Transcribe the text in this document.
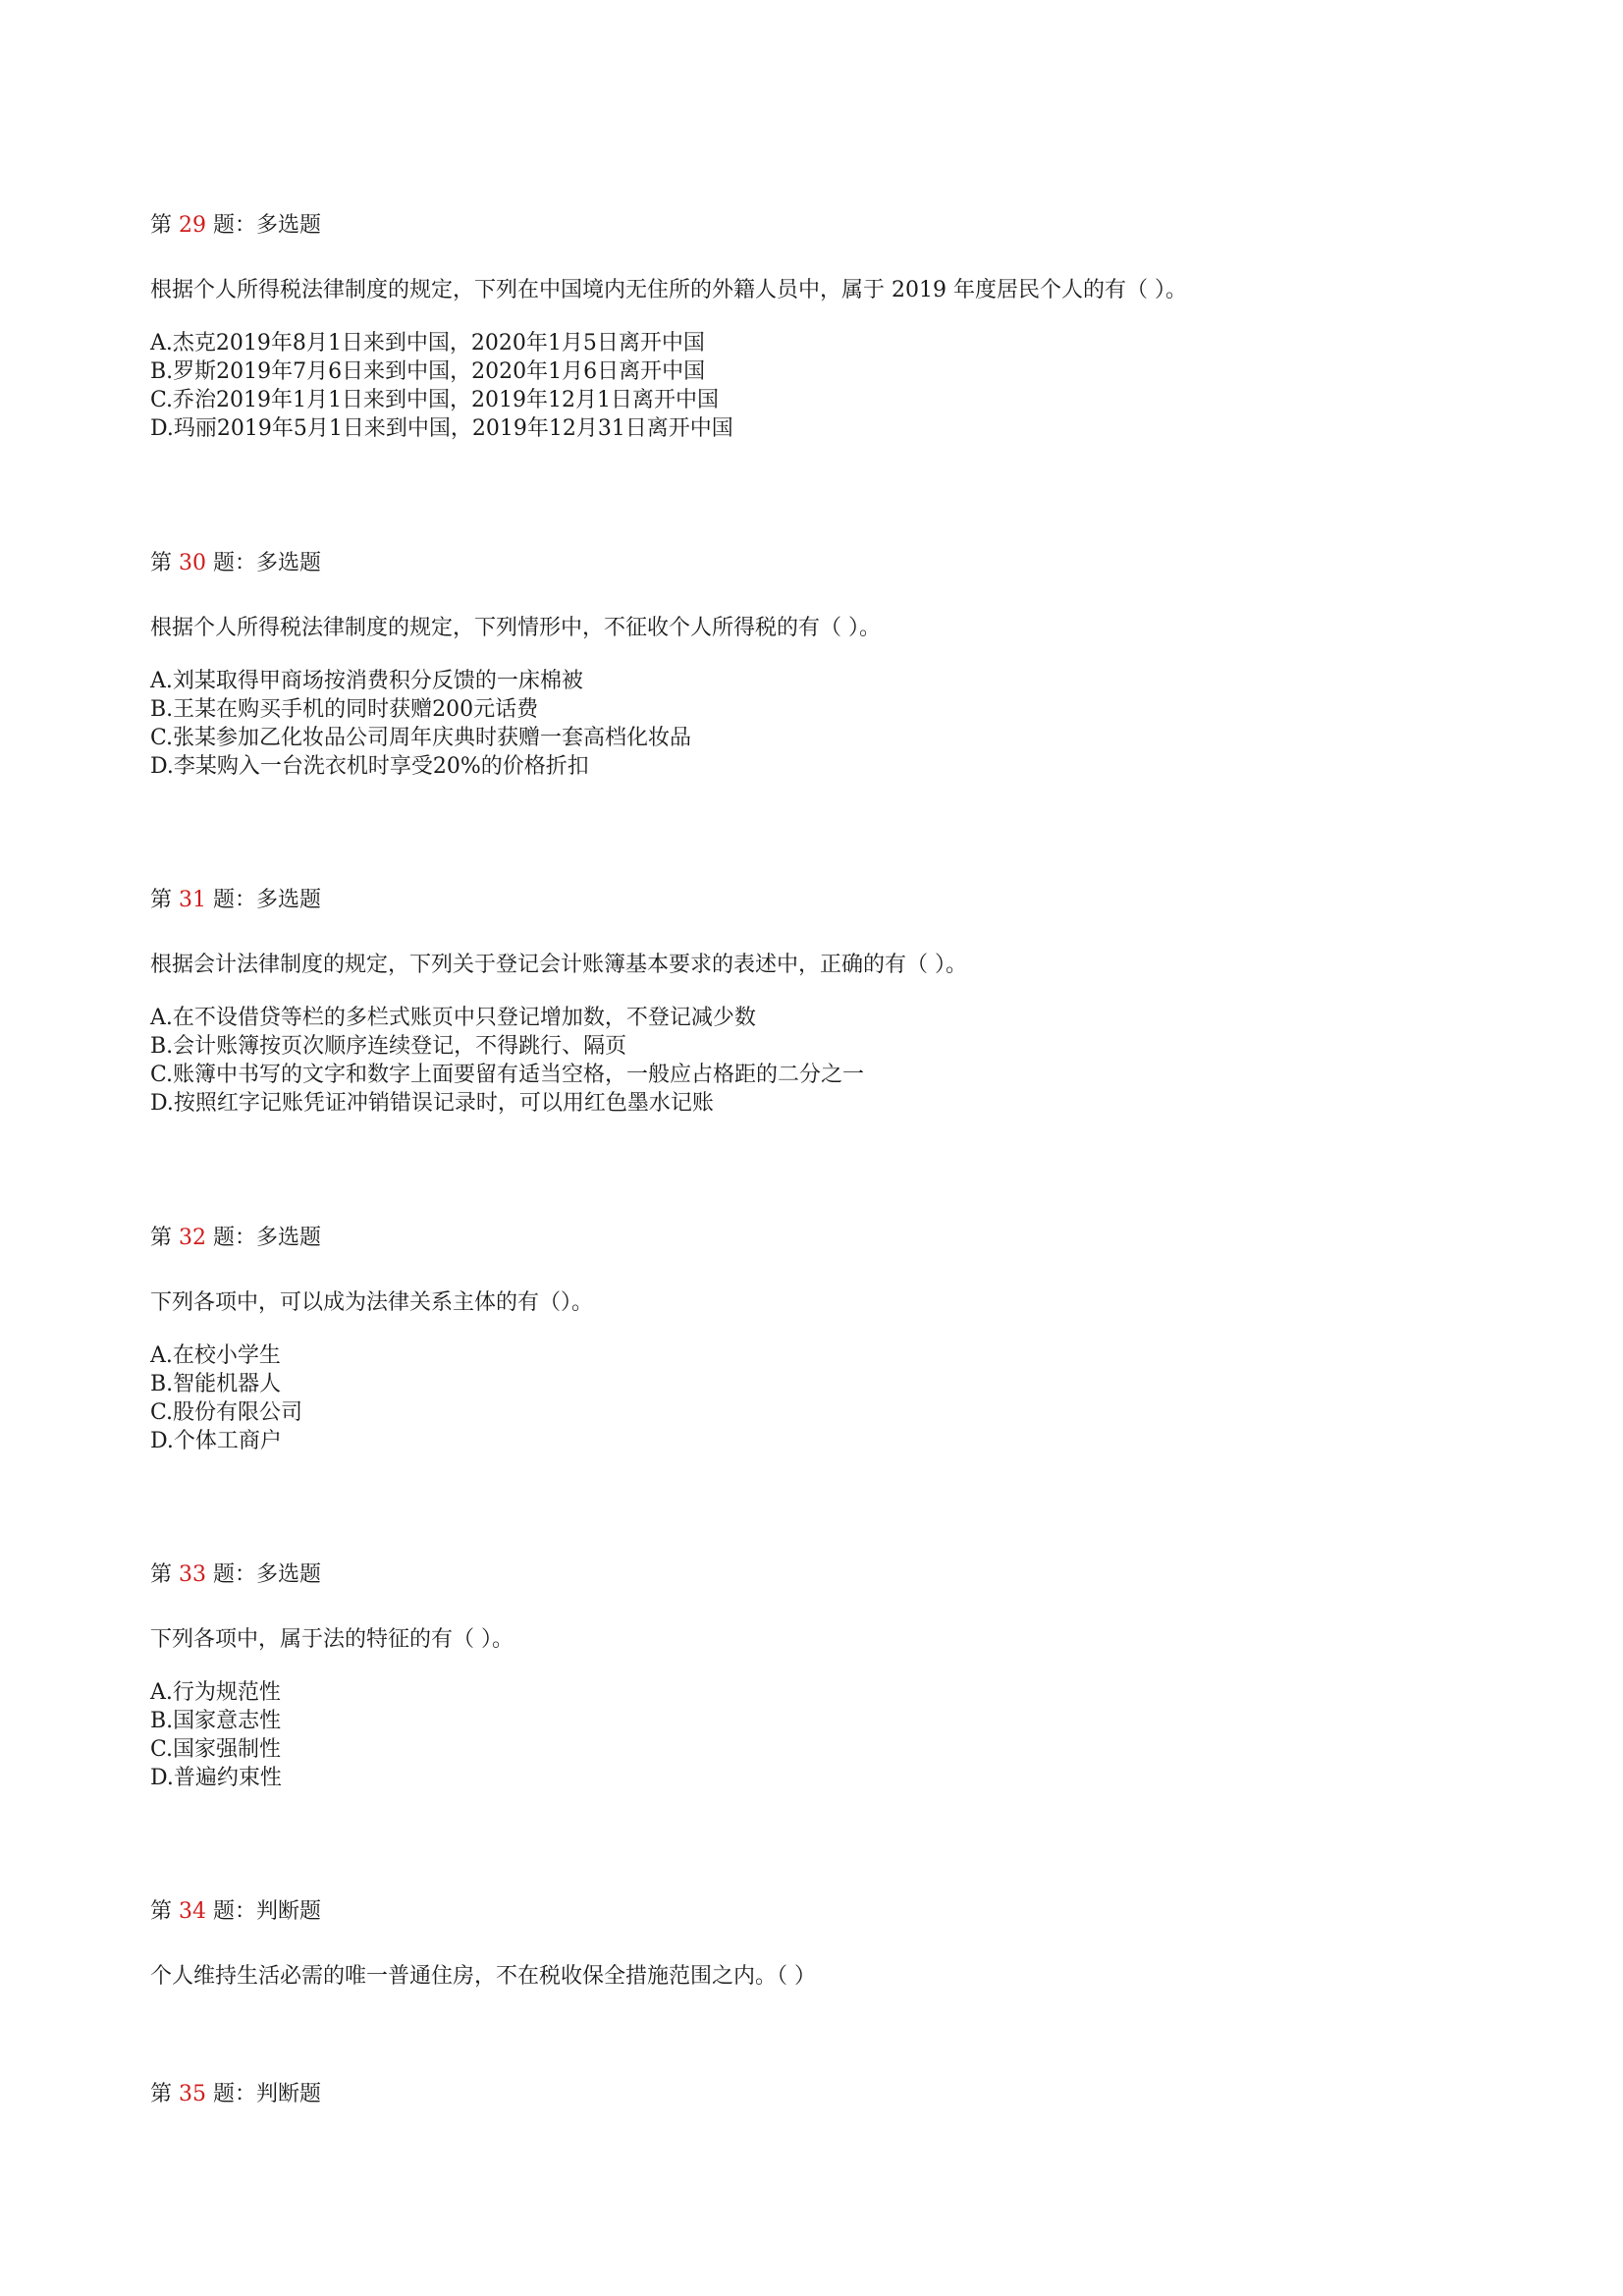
第 29 题：多选题
根据个人所得税法律制度的规定，下列在中国境内无住所的外籍人员中，属于 2019 年度居民个人的有（ ）。
A.杰克2019年8月1日来到中国，2020年1月5日离开中国
B.罗斯2019年7月6日来到中国，2020年1月6日离开中国
C.乔治2019年1月1日来到中国，2019年12月1日离开中国
D.玛丽2019年5月1日来到中国，2019年12月31日离开中国
第 30 题：多选题
根据个人所得税法律制度的规定，下列情形中，不征收个人所得税的有（ ）。
A.刘某取得甲商场按消费积分反馈的一床棉被
B.王某在购买手机的同时获赠200元话费
C.张某参加乙化妆品公司周年庆典时获赠一套高档化妆品
D.李某购入一台洗衣机时享受20%的价格折扣
第 31 题：多选题
根据会计法律制度的规定，下列关于登记会计账簿基本要求的表述中，正确的有（ ）。
A.在不设借贷等栏的多栏式账页中只登记增加数，不登记减少数
B.会计账簿按页次顺序连续登记，不得跳行、隔页
C.账簿中书写的文字和数字上面要留有适当空格，一般应占格距的二分之一
D.按照红字记账凭证冲销错误记录时，可以用红色墨水记账
第 32 题：多选题
下列各项中，可以成为法律关系主体的有（）。
A.在校小学生
B.智能机器人
C.股份有限公司
D.个体工商户
第 33 题：多选题
下列各项中，属于法的特征的有（ ）。
A.行为规范性
B.国家意志性
C.国家强制性
D.普遍约束性
第 34 题：判断题
个人维持生活必需的唯一普通住房，不在税收保全措施范围之内。（ ）
第 35 题：判断题
